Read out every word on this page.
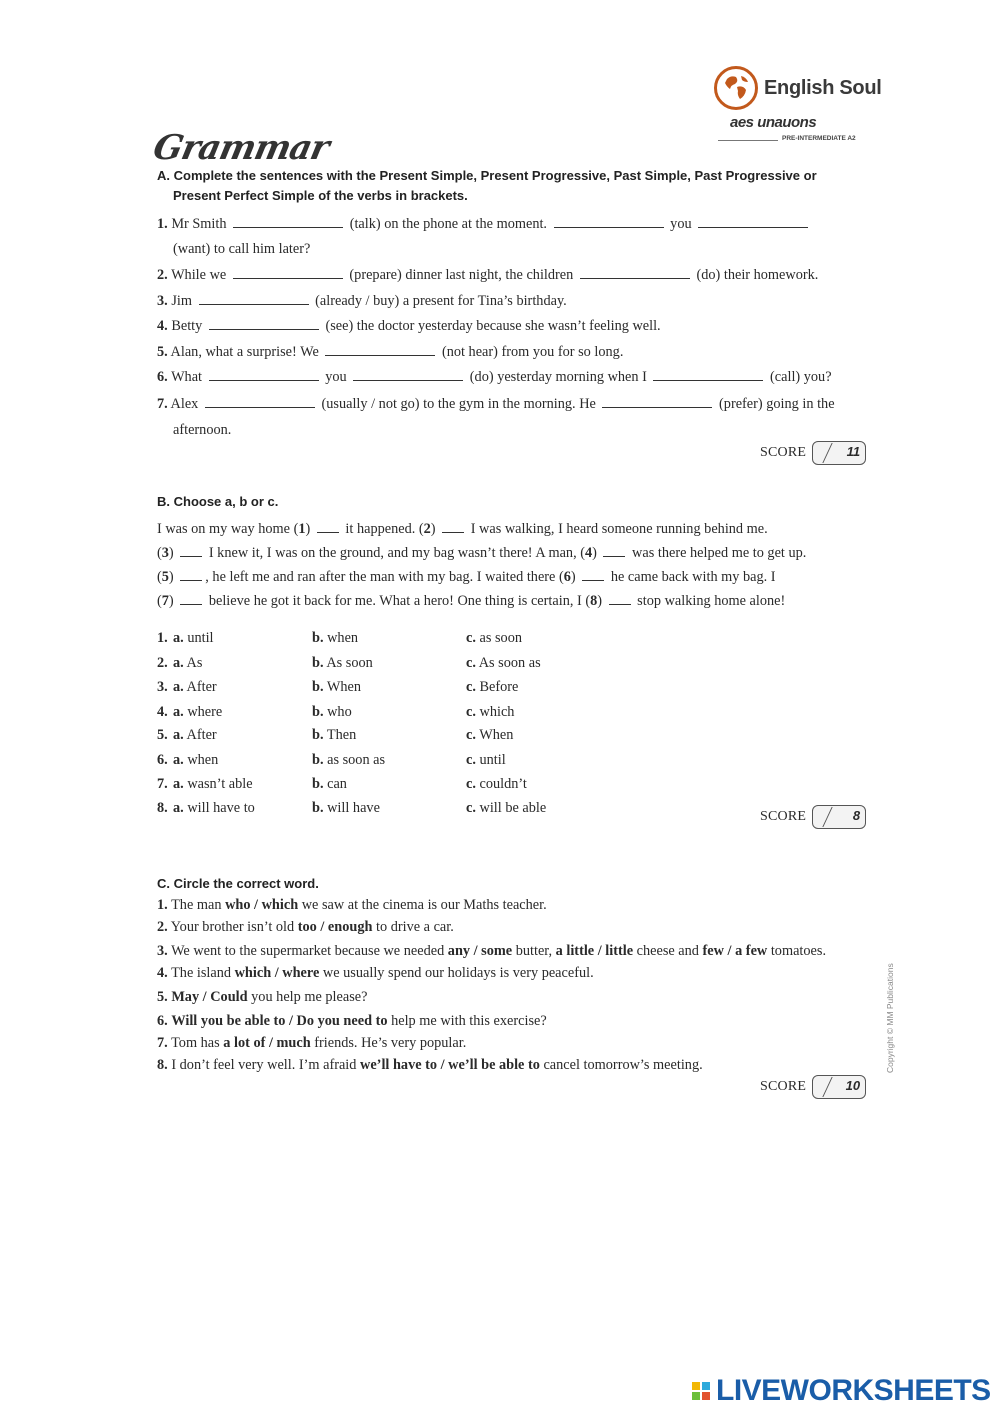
English Soul
aes unauons
PRE-INTERMEDIATE A2
Grammar
A. Complete the sentences with the Present Simple, Present Progressive, Past Simple, Past Progressive or
Present Perfect Simple of the verbs in brackets.
1. Mr Smith	(talk) on the phone at the moment.	you
(want) to call him later?
2. While we	(prepare) dinner last night, the children	(do) their homework.
3. Jim	(already / buy) a present for Tina’s birthday.
4. Betty	(see) the doctor yesterday because she wasn’t feeling well.
5. Alan, what a surprise! We	(not hear) from you for so long.
6. What	you	(do) yesterday morning when I	(call) you?
7. Alex	(usually / not go) to the gym in the morning. He	(prefer) going in the
afternoon.
SCORE	11
B. Choose a, b or c.
I was on my way home (1)  it happened. (2)  I was walking, I heard someone running behind me.
(3)  I knew it, I was on the ground, and my bag wasn’t there! A man, (4)  was there helped me to get up.
(5) , he left me and ran after the man with my bag. I waited there (6)  he came back with my bag. I
(7)  believe he got it back for me. What a hero! One thing is certain, I (8)  stop walking home alone!
1. a. until	b. when	c. as soon
2. a. As	b. As soon	c. As soon as
3. a. After	b. When	c. Before
4. a. where	b. who	c. which
5. a. After	b. Then	c. When
6. a. when	b. as soon as	c. until
7. a. wasn’t able	b. can	c. couldn’t
8. a. will have to	b. will have	c. will be able
SCORE	8
C. Circle the correct word.
1. The man who / which we saw at the cinema is our Maths teacher.
2. Your brother isn’t old too / enough to drive a car.
3. We went to the supermarket because we needed any / some butter, a little / little cheese and few / a few tomatoes.
4. The island which / where we usually spend our holidays is very peaceful.
5. May / Could you help me please?
6. Will you be able to / Do you need to help me with this exercise?
7. Tom has a lot of / much friends. He’s very popular.
8. I don’t feel very well. I’m afraid we’ll have to / we’ll be able to cancel tomorrow’s meeting.
SCORE	10
Copyright © MM Publications
LIVEWORKSHEETS
